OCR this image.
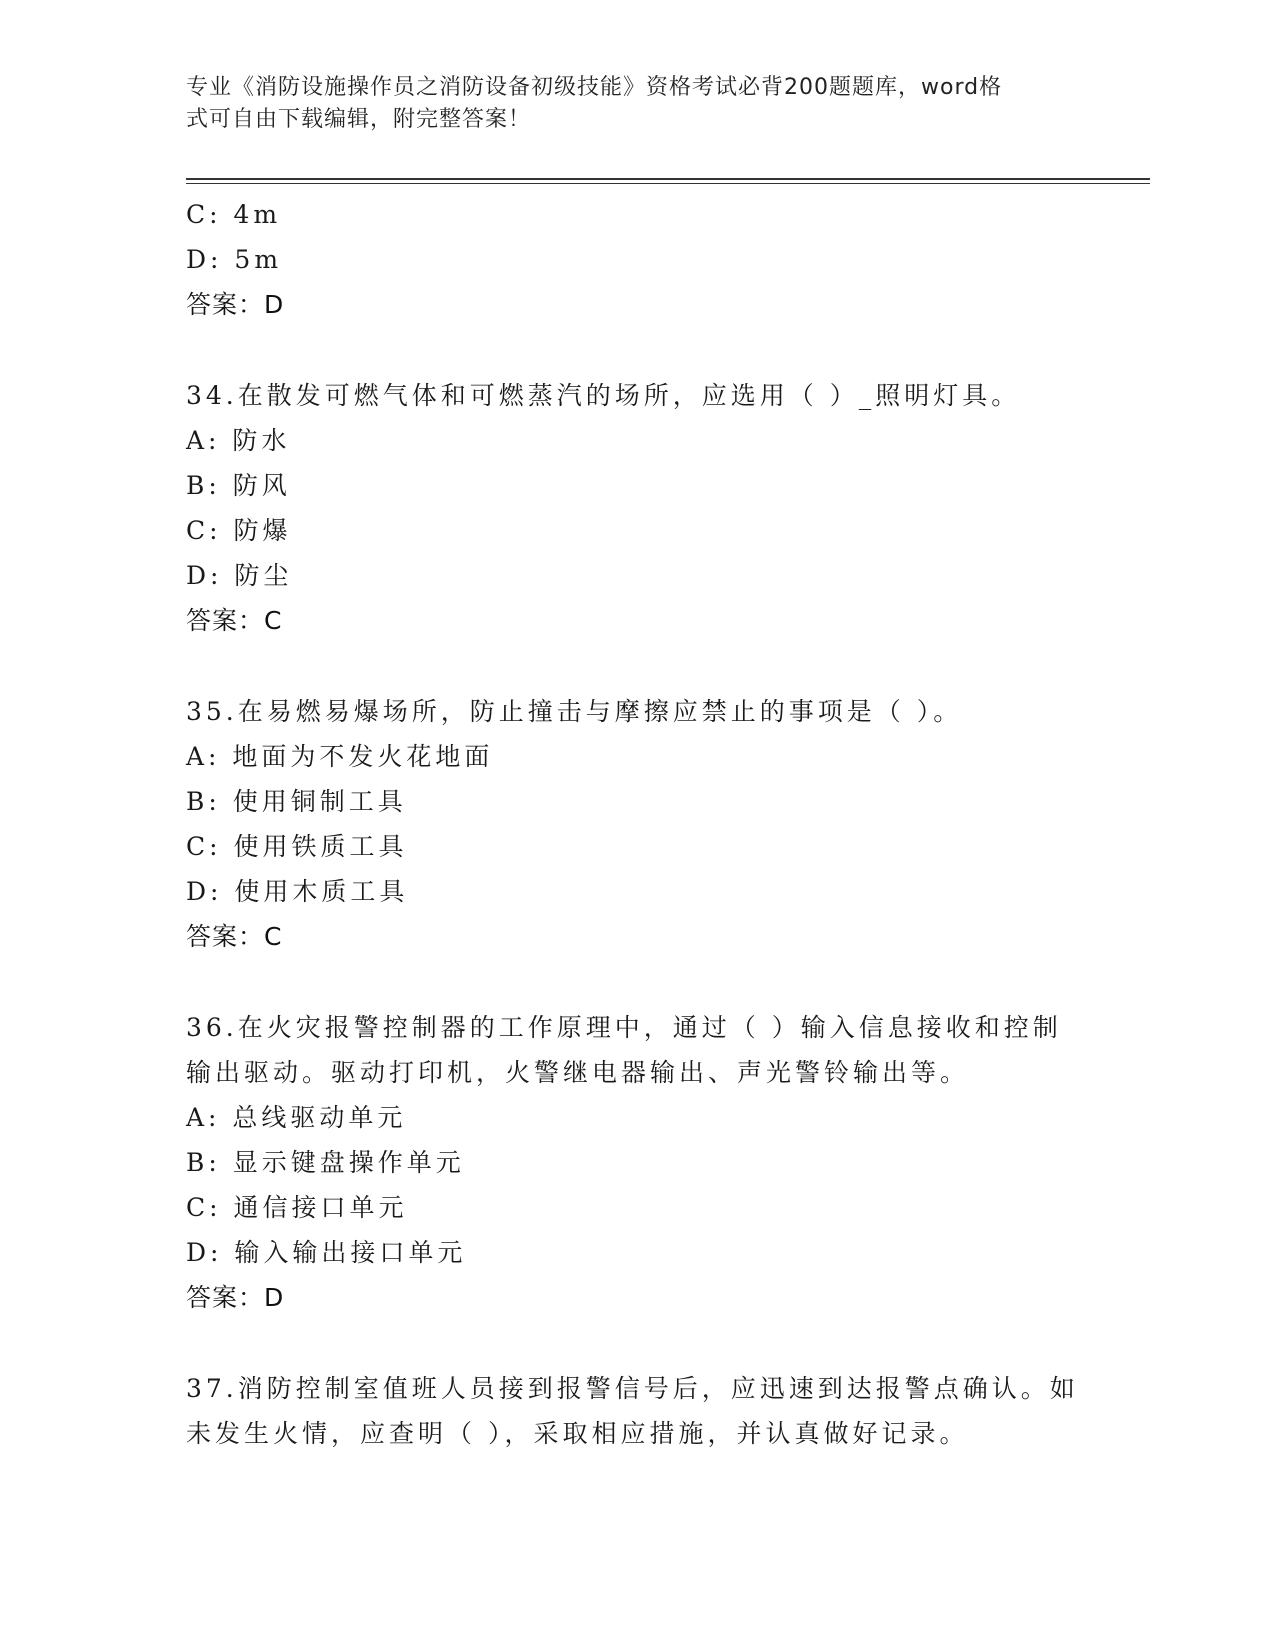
专业《消防设施操作员之消防设备初级技能》资格考试必背200题题库，word格
式可自由下载编辑，附完整答案！
C: 4m
D: 5m
答案：D
34.在散发可燃气体和可燃蒸汽的场所，应选用（ ）_照明灯具。
A: 防水
B: 防风
C: 防爆
D: 防尘
答案：C
35.在易燃易爆场所，防止撞击与摩擦应禁止的事项是（ ）。
A: 地面为不发火花地面
B: 使用铜制工具
C: 使用铁质工具
D: 使用木质工具
答案：C
36.在火灾报警控制器的工作原理中，通过（ ）输入信息接收和控制
输出驱动。驱动打印机，火警继电器输出、声光警铃输出等。
A: 总线驱动单元
B: 显示键盘操作单元
C: 通信接口单元
D: 输入输出接口单元
答案：D
37.消防控制室值班人员接到报警信号后，应迅速到达报警点确认。如
未发生火情，应查明（ ），采取相应措施，并认真做好记录。
